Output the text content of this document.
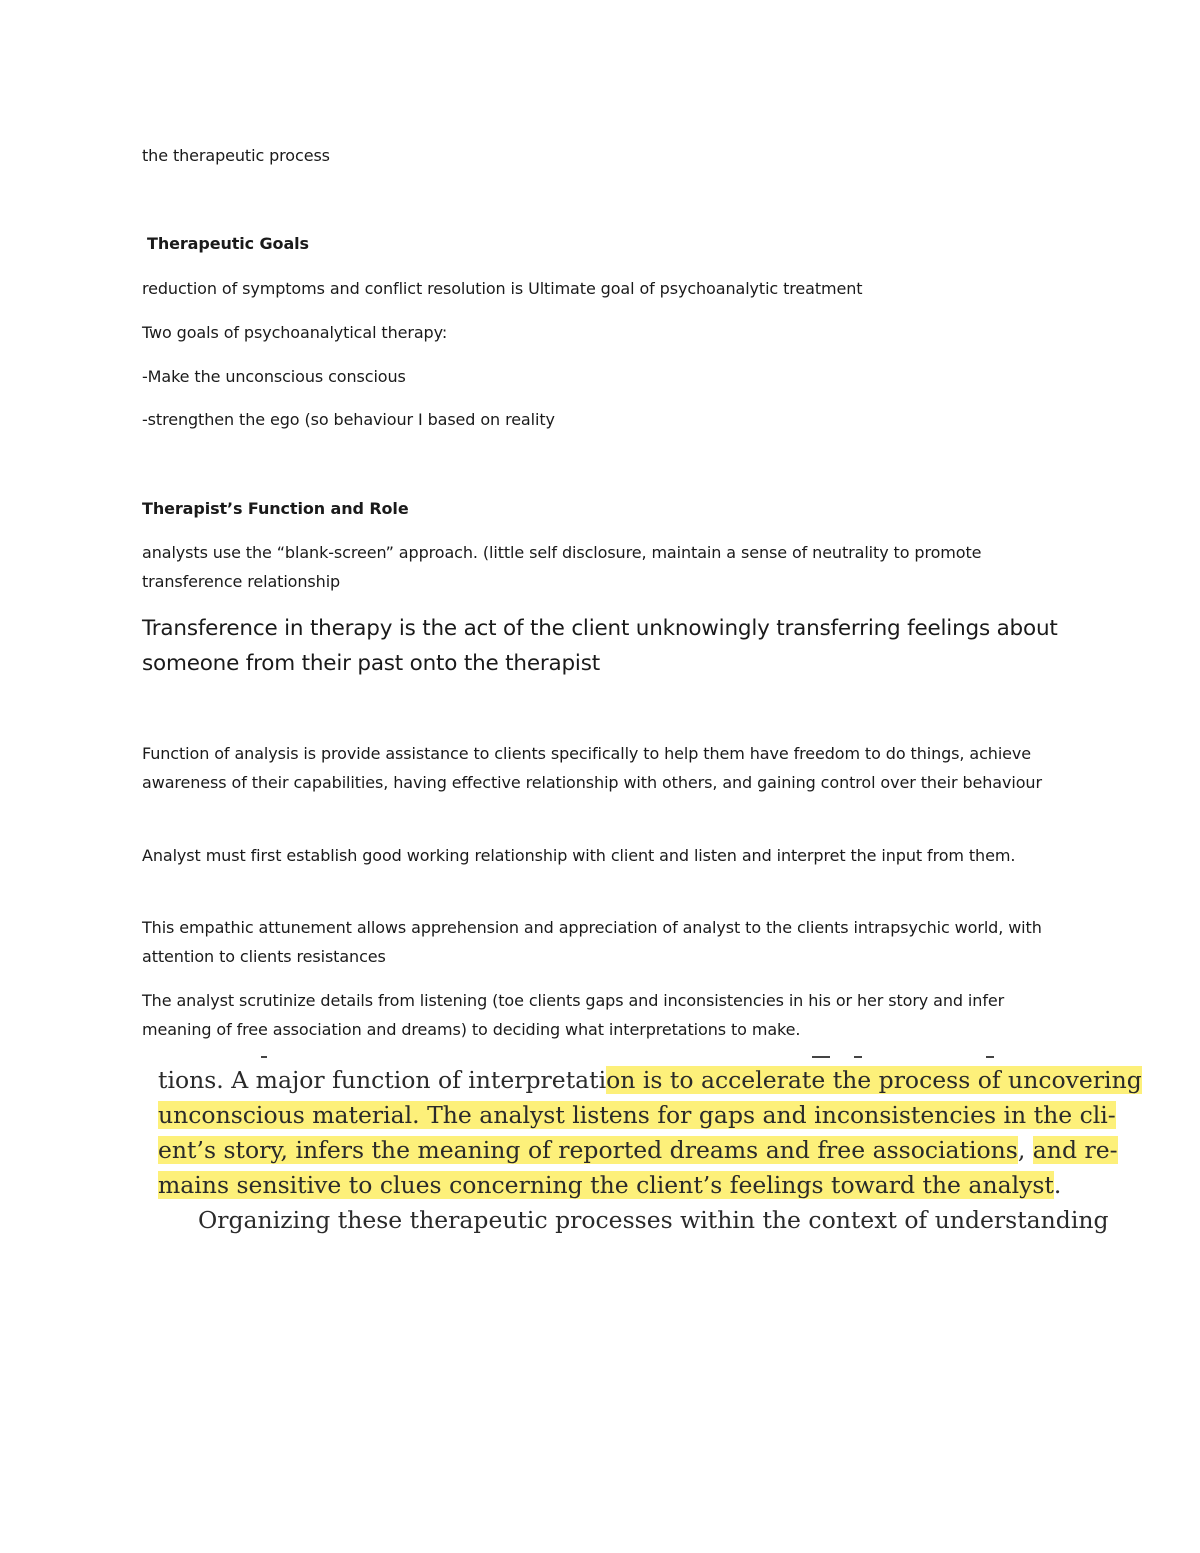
the therapeutic process
Therapeutic Goals
reduction of symptoms and conflict resolution is Ultimate goal of psychoanalytic treatment
Two goals of psychoanalytical therapy:
-Make the unconscious conscious
-strengthen the ego (so behaviour I based on reality
Therapist’s Function and Role
analysts use the “blank-screen” approach. (little self disclosure, maintain a sense of neutrality to promote transference relationship
Transference in therapy is the act of the client unknowingly transferring feelings about someone from their past onto the therapist
Function of analysis is provide assistance to clients specifically to help them have freedom to do things, achieve awareness of their capabilities, having effective relationship with others, and gaining control over their behaviour
Analyst must first establish good working relationship with client and listen and interpret the input from them.
This empathic attunement allows apprehension and appreciation of analyst to the clients intrapsychic world, with attention to clients resistances
The analyst scrutinize details from listening (toe clients gaps and inconsistencies in his or her story and infer meaning of free association and dreams) to deciding what interpretations to make.
tions. A major function of interpretation is to accelerate the process of uncovering
unconscious material. The analyst listens for gaps and inconsistencies in the cli-
ent’s story, infers the meaning of reported dreams and free associations, and re-
mains sensitive to clues concerning the client’s feelings toward the analyst.
Organizing these therapeutic processes within the context of understanding
